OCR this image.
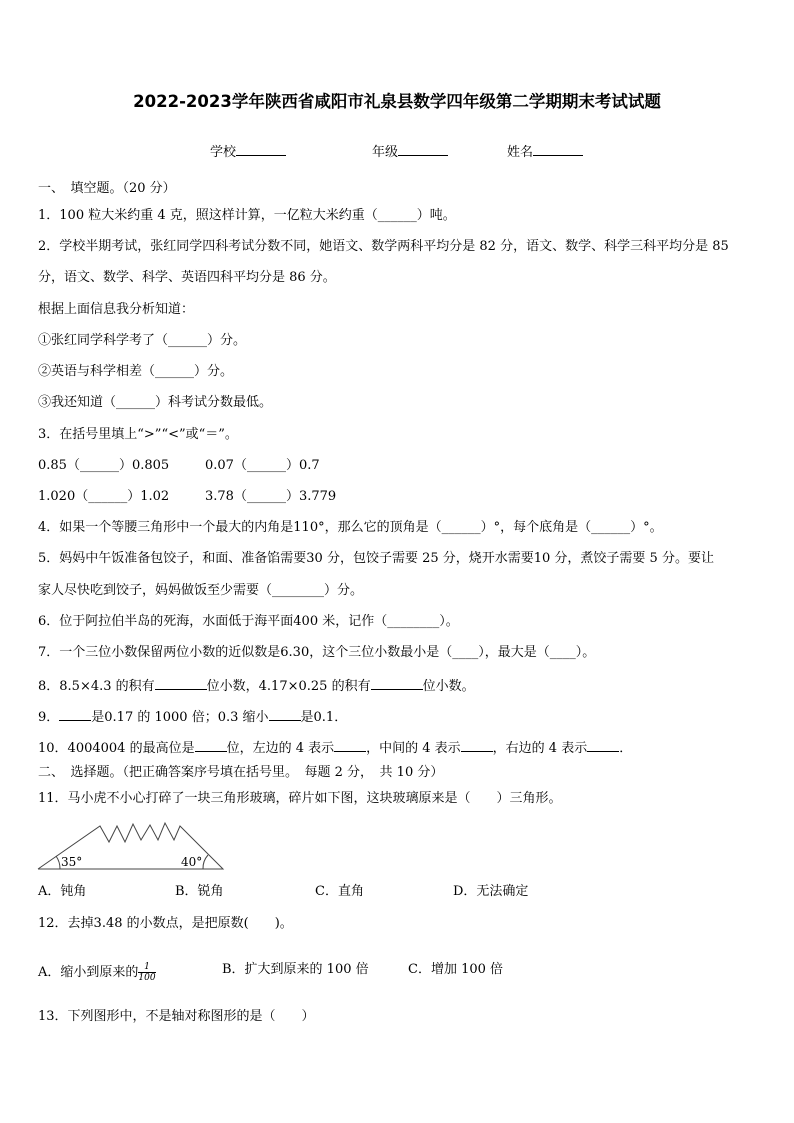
2022-2023学年陕西省咸阳市礼泉县数学四年级第二学期期末考试试题
学校	年级	姓名
一、　填空题。（20 分）
1．100 粒大米约重 4 克，照这样计算，一亿粒大米约重（______）吨。
2．学校半期考试，张红同学四科考试分数不同，她语文、数学两科平均分是 82 分，语文、数学、科学三科平均分是 85
分，语文、数学、科学、英语四科平均分是 86 分。
根据上面信息我分析知道：
①张红同学科学考了（______）分。
②英语与科学相差（______）分。
③我还知道（______）科考试分数最低。
3．在括号里填上“>”“<”或“＝”。
0.85（______）0.805	0.07（______）0.7
1.020（______）1.02	3.78（______）3.779
4．如果一个等腰三角形中一个最大的内角是110°，那么它的顶角是（______）°，每个底角是（______）°。
5．妈妈中午饭准备包饺子，和面、准备馅需要30 分，包饺子需要 25 分，烧开水需要10 分，煮饺子需要 5 分。要让
家人尽快吃到饺子，妈妈做饭至少需要（________）分。
6．位于阿拉伯半岛的死海，水面低于海平面400 米，记作（________）。
7．一个三位小数保留两位小数的近似数是6.30，这个三位小数最小是（____），最大是（____）。
8．8.5×4.3 的积有	位小数，4.17×0.25 的积有	位小数。
9． 是0.17 的 1000 倍；0.3 缩小 是0.1．
10．4004004 的最高位是 位，左边的 4 表示 ，中间的 4 表示 ，右边的 4 表示 ．
二、　选择题。（把正确答案序号填在括号里。　每题 2 分，　共 10 分）
11．马小虎不小心打碎了一块三角形玻璃，碎片如下图，这块玻璃原来是（　　）三角形。
35°	40°
A．钝角	B．锐角	C．直角	D．无法确定
12．去掉3.48 的小数点，是把原数(　　)。
A．缩小到原来的 $\frac{1}{100}$	B．扩大到原来的 100 倍	C．增加 100 倍
13．下列图形中，不是轴对称图形的是（　　）
